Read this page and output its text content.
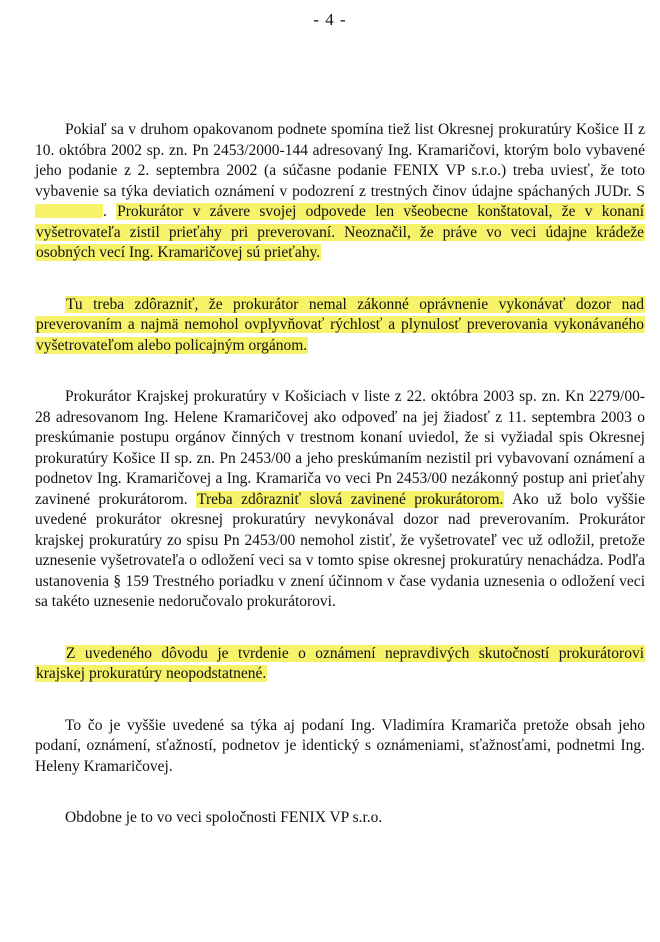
- 4 -

Pokiaľ sa v druhom opakovanom podnete spomína tiež list Okresnej prokuratúry Košice II z 10. októbra 2002 sp. zn. Pn 2453/2000-144 adresovaný Ing. Kramaričovi, ktorým bolo vybavené jeho podanie z 2. septembra 2002 (a súčasne podanie FENIX VP s.r.o.) treba uviesť, že toto vybavenie sa týka deviatich oznámení v podozrení z trestných činov údajne spáchaných JUDr. S. Prokurátor v závere svojej odpovede len všeobecne konštatoval, že v konaní vyšetrovateľa zistil prieťahy pri preverovaní. Neoznačil, že práve vo veci údajne krádeže osobných vecí Ing. Kramaričovej sú prieťahy.

Tu treba zdôrazniť, že prokurátor nemal zákonné oprávnenie vykonávať dozor nad preverovaním a najmä nemohol ovplyvňovať rýchlosť a plynulosť preverovania vykonávaného vyšetrovateľom alebo policajným orgánom.

Prokurátor Krajskej prokuratúry v Košiciach v liste z 22. októbra 2003 sp. zn. Kn 2279/00-28 adresovanom Ing. Helene Kramaričovej ako odpoveď na jej žiadosť z 11. septembra 2003 o preskúmanie postupu orgánov činných v trestnom konaní uviedol, že si vyžiadal spis Okresnej prokuratúry Košice II sp. zn. Pn 2453/00 a jeho preskúmaním nezistil pri vybavovaní oznámení a podnetov Ing. Kramaričovej a Ing. Kramariča vo veci Pn 2453/00 nezákonný postup ani prieťahy zavinené prokurátorom. Treba zdôrazniť slová zavinené prokurátorom. Ako už bolo vyššie uvedené prokurátor okresnej prokuratúry nevykonával dozor nad preverovaním. Prokurátor krajskej prokuratúry zo spisu Pn 2453/00 nemohol zistiť, že vyšetrovateľ vec už odložil, pretože uznesenie vyšetrovateľa o odložení veci sa v tomto spise okresnej prokuratúry nenachádza. Podľa ustanovenia § 159 Trestného poriadku v znení účinnom v čase vydania uznesenia o odložení veci sa takéto uznesenie nedoručovalo prokurátorovi.

Z uvedeného dôvodu je tvrdenie o oznámení nepravdivých skutočností prokurátorovi krajskej prokuratúry neopodstatnené.

To čo je vyššie uvedené sa týka aj podaní Ing. Vladimíra Kramariča pretože obsah jeho podaní, oznámení, sťažností, podnetov je identický s oznámeniami, sťažnosťami, podnetmi Ing. Heleny Kramaričovej.

Obdobne je to vo veci spoločnosti FENIX VP s.r.o.
